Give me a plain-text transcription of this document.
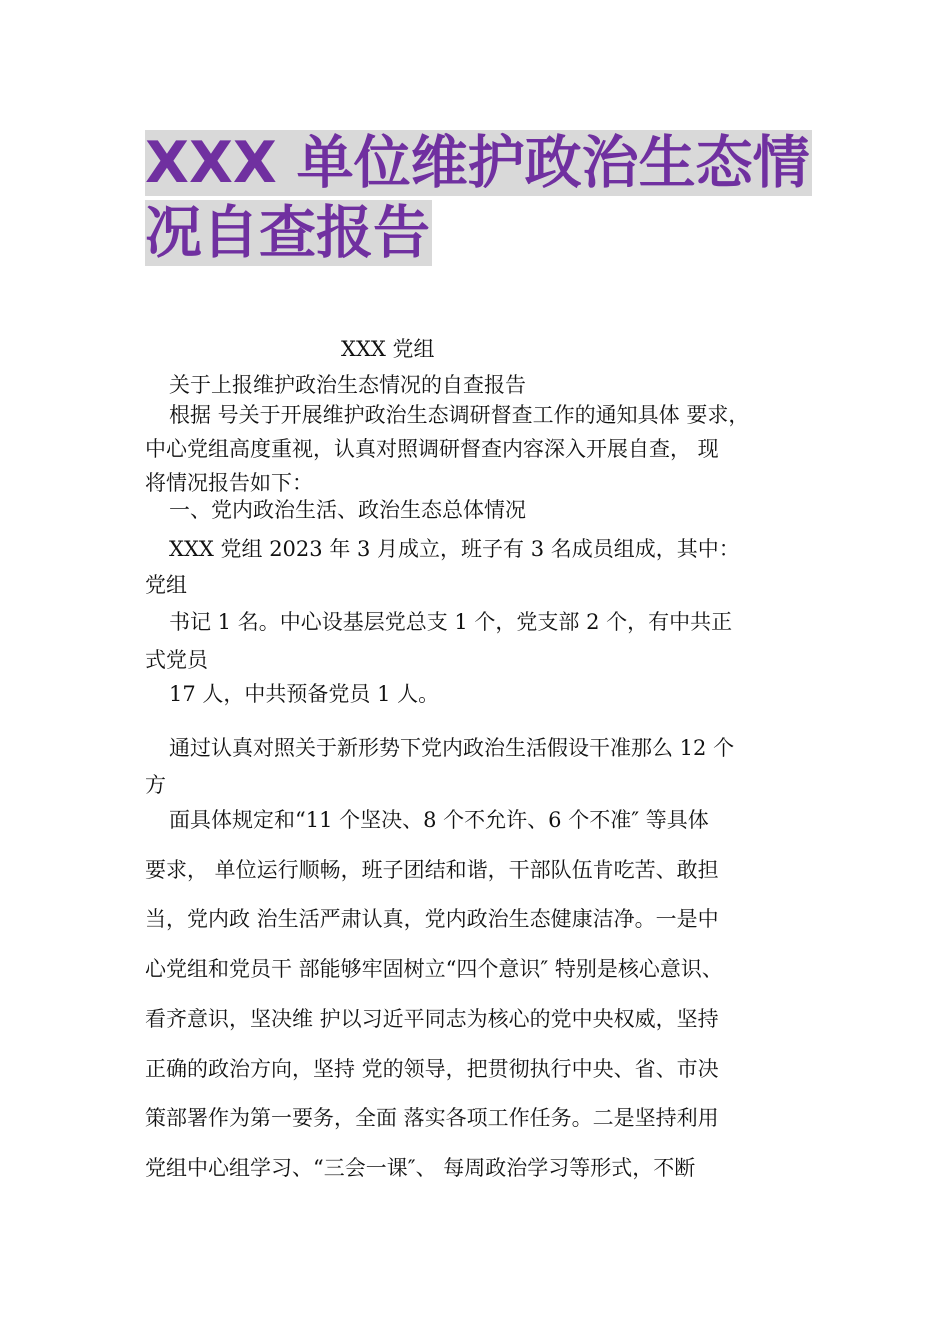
XXX 单位维护政治生态情
况自查报告
XXX 党组
关于上报维护政治生态情况的自查报告
根据 号关于开展维护政治生态调研督查工作的通知具体 要求，
中心党组高度重视，认真对照调研督查内容深入开展自查， 现
将情况报告如下：
一、党内政治生活、政治生态总体情况
XXX 党组 2023 年 3 月成立，班子有 3 名成员组成，其中：
党组
书记 1 名。中心设基层党总支 1 个，党支部 2 个，有中共正
式党员
17 人，中共预备党员 1 人。
通过认真对照关于新形势下党内政治生活假设干准那么 12 个
方
面具体规定和“11 个坚决、8 个不允许、6 个不准″ 等具体
要求， 单位运行顺畅，班子团结和谐，干部队伍肯吃苦、敢担
当，党内政 治生活严肃认真，党内政治生态健康洁净。一是中
心党组和党员干 部能够牢固树立“四个意识″ 特别是核心意识、
看齐意识，坚决维 护以习近平同志为核心的党中央权威，坚持
正确的政治方向，坚持 党的领导，把贯彻执行中央、省、市决
策部署作为第一要务，全面 落实各项工作任务。二是坚持利用
党组中心组学习、“三会一课″、 每周政治学习等形式，不断
